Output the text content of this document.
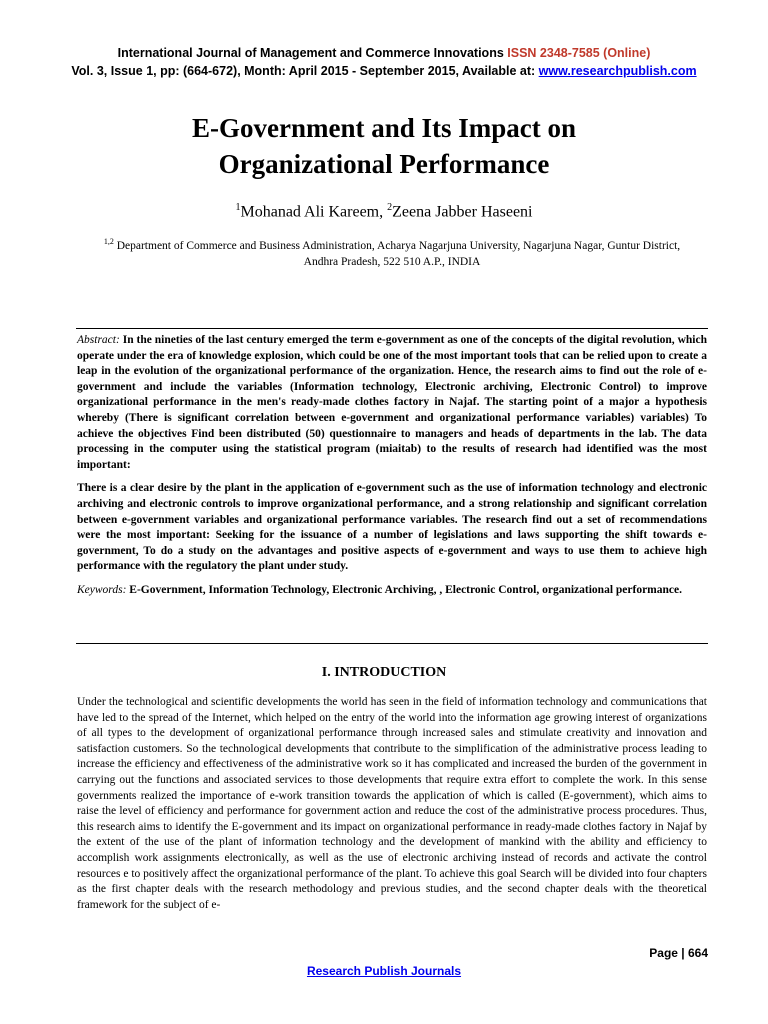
International Journal of Management and Commerce Innovations ISSN 2348-7585 (Online)
Vol. 3, Issue 1, pp: (664-672), Month: April 2015 - September 2015, Available at: www.researchpublish.com
E-Government and Its Impact on
Organizational Performance
$^1$Mohanad Ali Kareem, $^2$Zeena Jabber Haseeni
$^{1,2}$ Department of Commerce and Business Administration, Acharya Nagarjuna University, Nagarjuna Nagar, Guntur District, Andhra Pradesh, 522 510 A.P., INDIA

Abstract: In the nineties of the last century emerged the term e-government as one of the concepts of the digital revolution, which operate under the era of knowledge explosion, which could be one of the most important tools that can be relied upon to create a leap in the evolution of the organizational performance of the organization. Hence, the research aims to find out the role of e-government and include the variables (Information technology, Electronic archiving, Electronic Control) to improve organizational performance in the men's ready-made clothes factory in Najaf. The starting point of a major a hypothesis whereby (There is significant correlation between e-government and organizational performance variables) variables) To achieve the objectives Find been distributed (50) questionnaire to managers and heads of departments in the lab. The data processing in the computer using the statistical program (miaitab) to the results of research had identified was the most important:

There is a clear desire by the plant in the application of e-government such as the use of information technology and electronic archiving and electronic controls to improve organizational performance, and a strong relationship and significant correlation between e-government variables and organizational performance variables. The research find out a set of recommendations were the most important: Seeking for the issuance of a number of legislations and laws supporting the shift towards e-government, To do a study on the advantages and positive aspects of e-government and ways to use them to achieve high performance with the regulatory the plant under study.

Keywords: E-Government, Information Technology, Electronic Archiving, , Electronic Control, organizational performance.

I. INTRODUCTION

Under the technological and scientific developments the world has seen in the field of information technology and communications that have led to the spread of the Internet, which helped on the entry of the world into the information age growing interest of organizations of all types to the development of organizational performance through increased sales and stimulate creativity and innovation and satisfaction customers. So the technological developments that contribute to the simplification of the administrative process leading to increase the efficiency and effectiveness of the administrative work so it has complicated and increased the burden of the government in carrying out the functions and associated services to those developments that require extra effort to complete the work. In this sense governments realized the importance of e-work transition towards the application of which is called (E-government), which aims to raise the level of efficiency and performance for government action and reduce the cost of the administrative process procedures. Thus, this research aims to identify the E-government and its impact on organizational performance in ready-made clothes factory in Najaf by the extent of the use of the plant of information technology and the development of mankind with the ability and efficiency to accomplish work assignments electronically, as well as the use of electronic archiving instead of records and activate the control resources e to positively affect the organizational performance of the plant. To achieve this goal Search will be divided into four chapters as the first chapter deals with the research methodology and previous studies, and the second chapter deals with the theoretical framework for the subject of e-

Page | 664
Research Publish Journals
